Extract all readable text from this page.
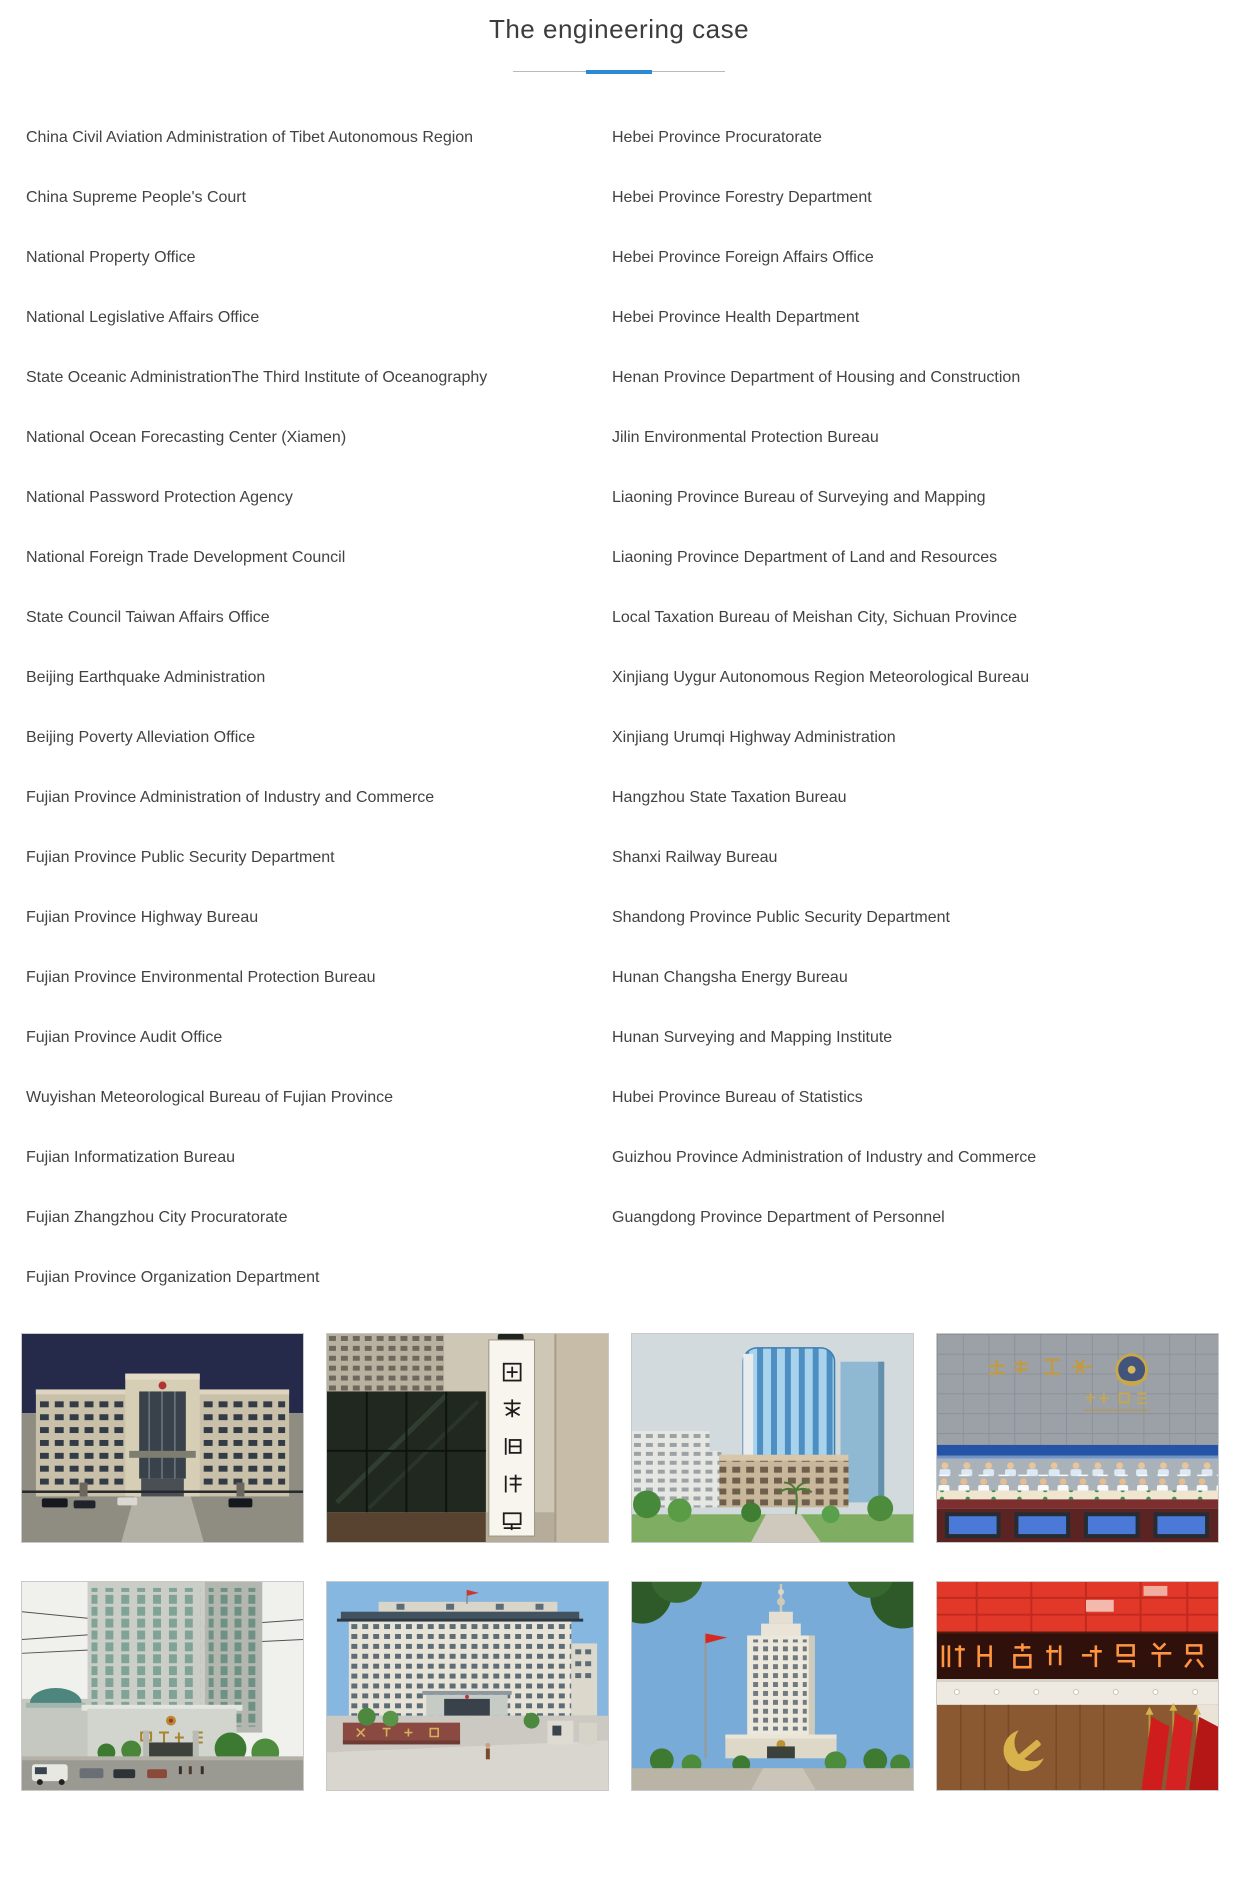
The engineering case
China Civil Aviation Administration of Tibet Autonomous Region
China Supreme People's Court
National Property Office
National Legislative Affairs Office
State Oceanic AdministrationThe Third Institute of Oceanography
National Ocean Forecasting Center (Xiamen)
National Password Protection Agency
National Foreign Trade Development Council
State Council Taiwan Affairs Office
Beijing Earthquake Administration
Beijing Poverty Alleviation Office
Fujian Province Administration of Industry and Commerce
Fujian Province Public Security Department
Fujian Province Highway Bureau
Fujian Province Environmental Protection Bureau
Fujian Province Audit Office
Wuyishan Meteorological Bureau of Fujian Province
Fujian Informatization Bureau
Fujian Zhangzhou City Procuratorate
Fujian Province Organization Department
Hebei Province Procuratorate
Hebei Province Forestry Department
Hebei Province Foreign Affairs Office
Hebei Province Health Department
Henan Province Department of Housing and Construction
Jilin Environmental Protection Bureau
Liaoning Province Bureau of Surveying and Mapping
Liaoning Province Department of Land and Resources
Local Taxation Bureau of Meishan City, Sichuan Province
Xinjiang Uygur Autonomous Region Meteorological Bureau
Xinjiang Urumqi Highway Administration
Hangzhou State Taxation Bureau
Shanxi Railway Bureau
Shandong Province Public Security Department
Hunan Changsha Energy Bureau
Hunan Surveying and Mapping Institute
Hubei Province Bureau of Statistics
Guizhou Province Administration of Industry and Commerce
Guangdong Province Department of Personnel
